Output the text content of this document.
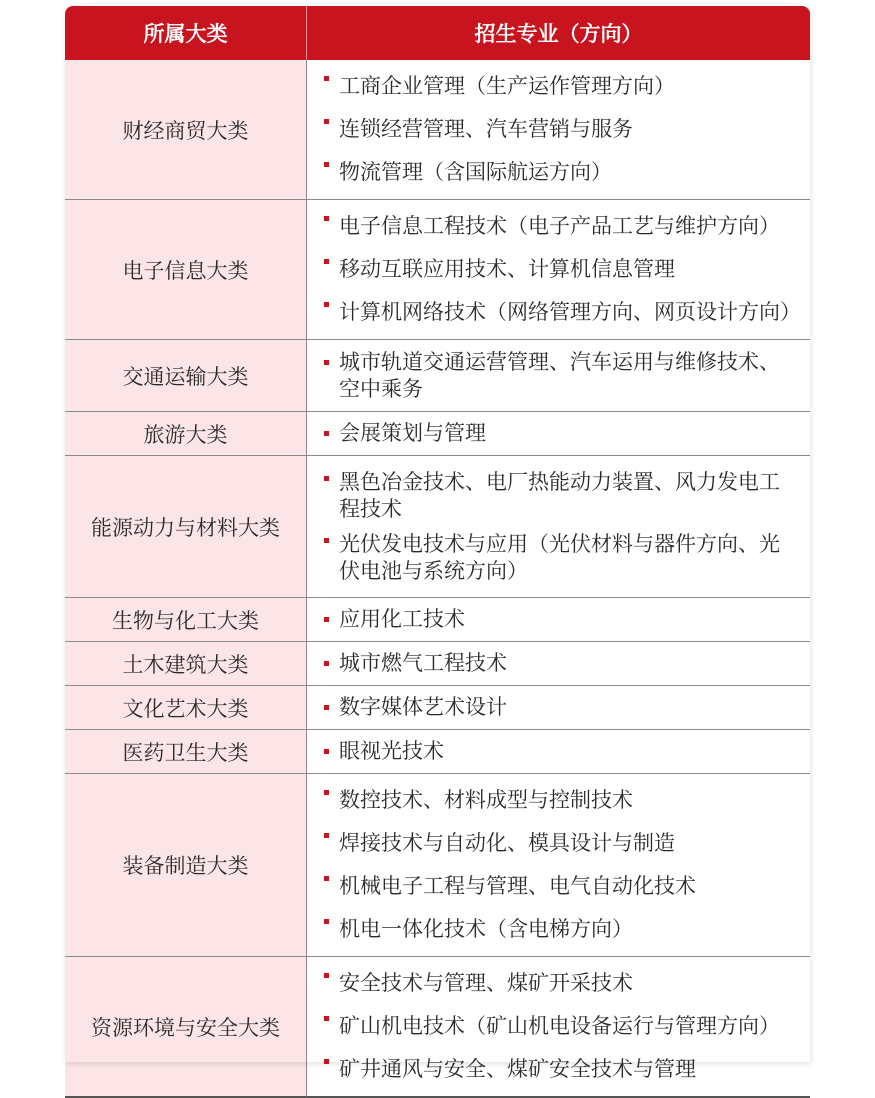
所属大类	招生专业（方向）
财经商贸大类	工商企业管理（生产运作管理方向）
连锁经营管理、汽车营销与服务
物流管理（含国际航运方向）

电子信息大类	电子信息工程技术（电子产品工艺与维护方向）
移动互联应用技术、计算机信息管理
计算机网络技术（网络管理方向、网页设计方向）

交通运输大类	城市轨道交通运营管理、汽车运用与维修技术、空中乘务

旅游大类	会展策划与管理

能源动力与材料大类	黑色冶金技术、电厂热能动力装置、风力发电工程技术
光伏发电技术与应用（光伏材料与器件方向、光伏电池与系统方向）

生物与化工大类	应用化工技术

土木建筑大类	城市燃气工程技术

文化艺术大类	数字媒体艺术设计

医药卫生大类	眼视光技术

装备制造大类	数控技术、材料成型与控制技术
焊接技术与自动化、模具设计与制造
机械电子工程与管理、电气自动化技术
机电一体化技术（含电梯方向）

资源环境与安全大类	安全技术与管理、煤矿开采技术
矿山机电技术（矿山机电设备运行与管理方向）
矿井通风与安全、煤矿安全技术与管理
